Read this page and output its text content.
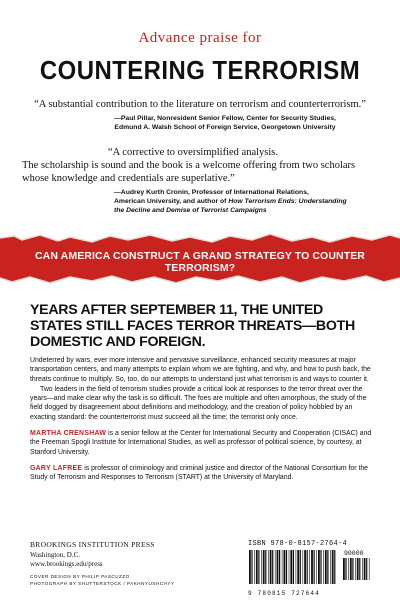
Advance praise for
COUNTERING TERRORISM
“A substantial contribution to the literature on terrorism and counterterrorism.”
—Paul Pillar, Nonresident Senior Fellow, Center for Security Studies,
Edmund A. Walsh School of Foreign Service, Georgetown University
“A corrective to oversimplified analysis.
The scholarship is sound and the book is a welcome offering from two scholars whose knowledge and credentials are superlative.”
—Audrey Kurth Cronin, Professor of International Relations,
American University, and author of How Terrorism Ends: Understanding
the Decline and Demise of Terrorist Campaigns
CAN AMERICA CONSTRUCT A GRAND STRATEGY TO COUNTER TERRORISM?
YEARS AFTER SEPTEMBER 11, THE UNITED STATES STILL FACES TERROR THREATS—BOTH DOMESTIC AND FOREIGN.
Undeterred by wars, ever more intensive and pervasive surveillance, enhanced security measures at major transportation centers, and many attempts to explain whom we are fighting, and why, and how to push back, the threats continue to multiply. So, too, do our attempts to understand just what terrorism is and ways to counter it.
Two leaders in the field of terrorism studies provide a critical look at responses to the terror threat over the years—and make clear why the task is so difficult. The foes are multiple and often amorphous, the study of the field dogged by disagreement about definitions and methodology, and the creation of policy hobbled by an exacting standard: the counterterrorist must succeed all the time; the terrorist only once.
MARTHA CRENSHAW is a senior fellow at the Center for International Security and Cooperation (CISAC) and the Freeman Spogli Institute for International Studies, as well as professor of political science, by courtesy, at Stanford University.
GARY LAFREE is professor of criminology and criminal justice and director of the National Consortium for the Study of Terrorism and Responses to Terrorism (START) at the University of Maryland.
BROOKINGS INSTITUTION PRESS
Washington, D.C.
www.brookings.edu/press
COVER DESIGN BY PHILIP PASCUZZO
PHOTOGRAPH BY SHUTTERSTOCK / PAKHNYUSHCHYY
ISBN 978-0-8157-2764-4
90000
9 780815 727644
